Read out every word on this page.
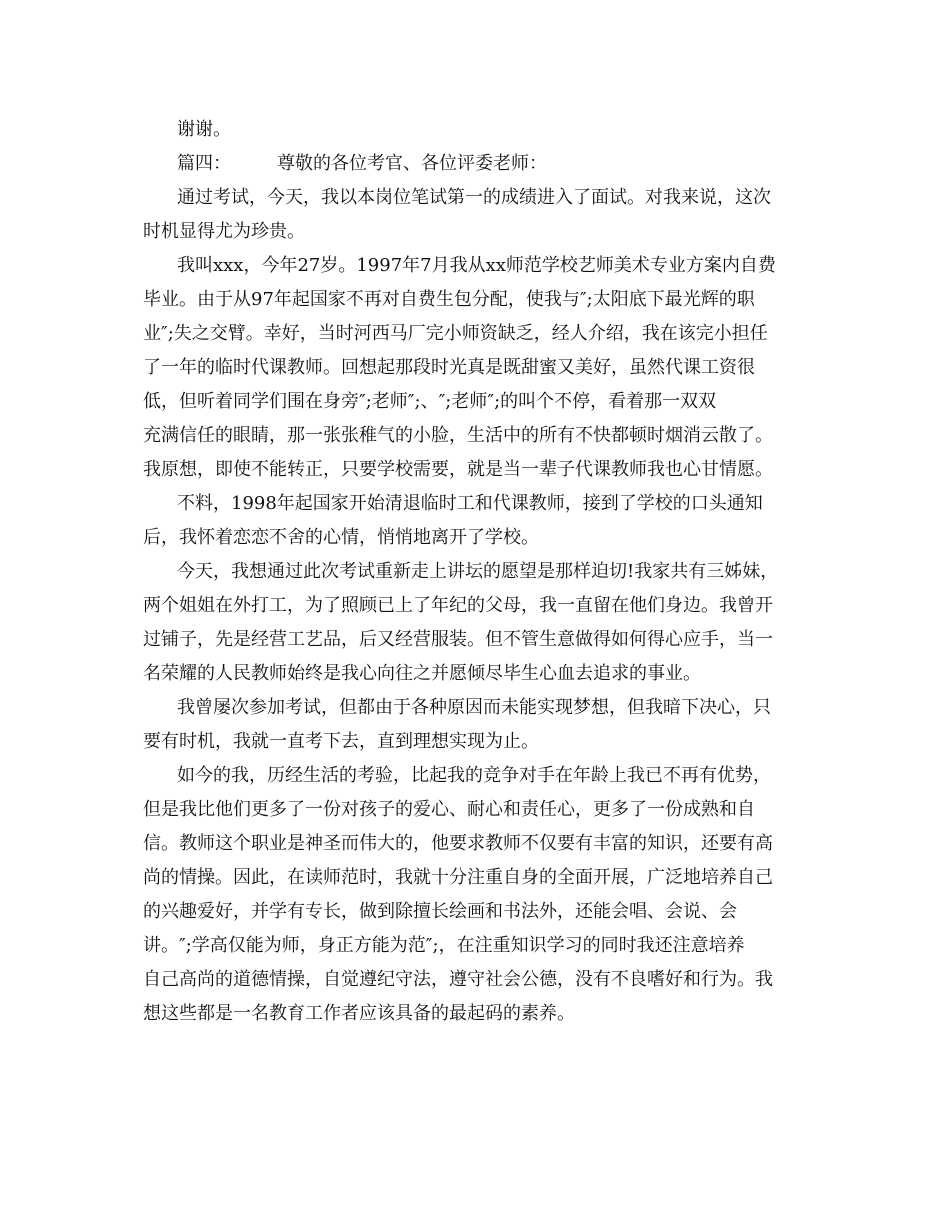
谢谢。
篇四：	尊敬的各位考官、各位评委老师：
通过考试，今天，我以本岗位笔试第一的成绩进入了面试。对我来说，这次
时机显得尤为珍贵。
我叫xxx，今年27岁。1997年7月我从xx师范学校艺师美术专业方案内自费
毕业。由于从97年起国家不再对自费生包分配，使我与″;太阳底下最光辉的职
业″;失之交臂。幸好，当时河西马厂完小师资缺乏，经人介绍，我在该完小担任
了一年的临时代课教师。回想起那段时光真是既甜蜜又美好，虽然代课工资很
低，但听着同学们围在身旁″;老师″;、″;老师″;的叫个不停，看着那一双双
充满信任的眼睛，那一张张稚气的小脸，生活中的所有不快都顿时烟消云散了。
我原想，即使不能转正，只要学校需要，就是当一辈子代课教师我也心甘情愿。
不料，1998年起国家开始清退临时工和代课教师，接到了学校的口头通知
后，我怀着恋恋不舍的心情，悄悄地离开了学校。
今天，我想通过此次考试重新走上讲坛的愿望是那样迫切!我家共有三姊妹，
两个姐姐在外打工，为了照顾已上了年纪的父母，我一直留在他们身边。我曾开
过铺子，先是经营工艺品，后又经营服装。但不管生意做得如何得心应手，当一
名荣耀的人民教师始终是我心向往之并愿倾尽毕生心血去追求的事业。
我曾屡次参加考试，但都由于各种原因而未能实现梦想，但我暗下决心，只
要有时机，我就一直考下去，直到理想实现为止。
如今的我，历经生活的考验，比起我的竞争对手在年龄上我已不再有优势，
但是我比他们更多了一份对孩子的爱心、耐心和责任心，更多了一份成熟和自
信。教师这个职业是神圣而伟大的，他要求教师不仅要有丰富的知识，还要有高
尚的情操。因此，在读师范时，我就十分注重自身的全面开展，广泛地培养自己
的兴趣爱好，并学有专长，做到除擅长绘画和书法外，还能会唱、会说、会
讲。″;学高仅能为师，身正方能为范″;，在注重知识学习的同时我还注意培养
自己高尚的道德情操，自觉遵纪守法，遵守社会公德，没有不良嗜好和行为。我
想这些都是一名教育工作者应该具备的最起码的素养。
